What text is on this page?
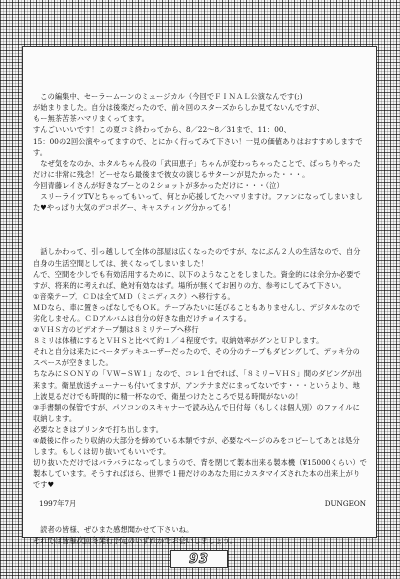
　この編集中、セーラームーンのミュージカル（今回でＦＩＮＡＬ公演なんです(;)
が始まりました。自分は後楽だったので、前々回のスターズからしか見てないんですが、
もー無茶苦茶ハマリまくってます。
すんごいいいです！この夏コミ終わってから、8／22〜8／31まで、11：00、
15：00の2回公演やってますので、とにかく行ってみて下さい！一見の価値ありはおすすめしますです。
　なぜ気をなのか、ホタルちゃん役の「武田恵子」ちゃんが変わっちゃったことで、ばっちりやっただけに非常に残念！どーせなら最後まで彼女の演じるサターンが見たかった・・・。
今回青藤レイさんが好きなブーとの２ショットが多かっただけに・・・（泣）
　スリーライツTVとちゃってもいって、何とか応援してたハマリますけ。ファンになってしまいました♥やっぱり大気のデコポグー、キャスティング分かってる！

　話しかわって、引っ越しして全体の部屋は広くなったのですが、なにぶん２人の生活なので、自分自身の生活空間としては、狭くなってしまいました！
んで、空間を少しでも有効活用するために、以下のようなことをしました。資金的には余分か必要ですが、将来的に考えれば、絶対有効なはず。場所が無くてお困りの方、参考にしてみて下さい。
①音楽テープ．ＣＤは全てＭＤ（ミニディスク）へ移行する。
ＭＤなら、車に置きっぱなしでもＯＫ。テープみたいに延びることもありませんし、デジタルなので劣化しません。ＣＤアルバムは自分の好きな曲だけチョイスする。
②ＶＨＳ方のビデオテープ類は８ミリテープへ移行
８ミリは体積にするとＶＨＳと比べて約１／４程度です。収納効率がグンとＵＰします。
それと自分は来たにベータデッキユーザーだったので、その分のテープもダビングして、デッキ分のスペースが空きました。
ちなみにＳＯＮＹの「ＶＷ−ＳＷ１」なので、コレ１台でれば、「８ミリ−ＶＨＳ」間のダビングが出来ます。衛星放送チューナーも付いてますが、アンテナまだにまってないです・・・というより、地上波見るだけでも時間的に精一杯なので、衛星つけたところで見る時間がないの！
③手書類の保管ですが、パソコンのスキャナーで読み込んで日付毎（もしくは個人別）のファイルに収納します。
必要なときはプリンタで打ち出します。
④最後に作ったり収納の大部分を締めている本類ですが、必要なページのみをコピーしてあとは処分します。もしくは切り抜いてもいいです。
切り抜いただけではバラバラになってしまうので、背を閉じて製本出来る製本機（¥15000くらい）で製本しています。そうすればほら、世界で１冊だけのあなた用にカスタマイズされた本の出来上がりです♥

　読者の皆様、ぜひまた感想聞かせて下さいね。
それでは皆様次回冬発行予定のいずれかでお会いしましょう。

1997年7月	DUNGEON
93
